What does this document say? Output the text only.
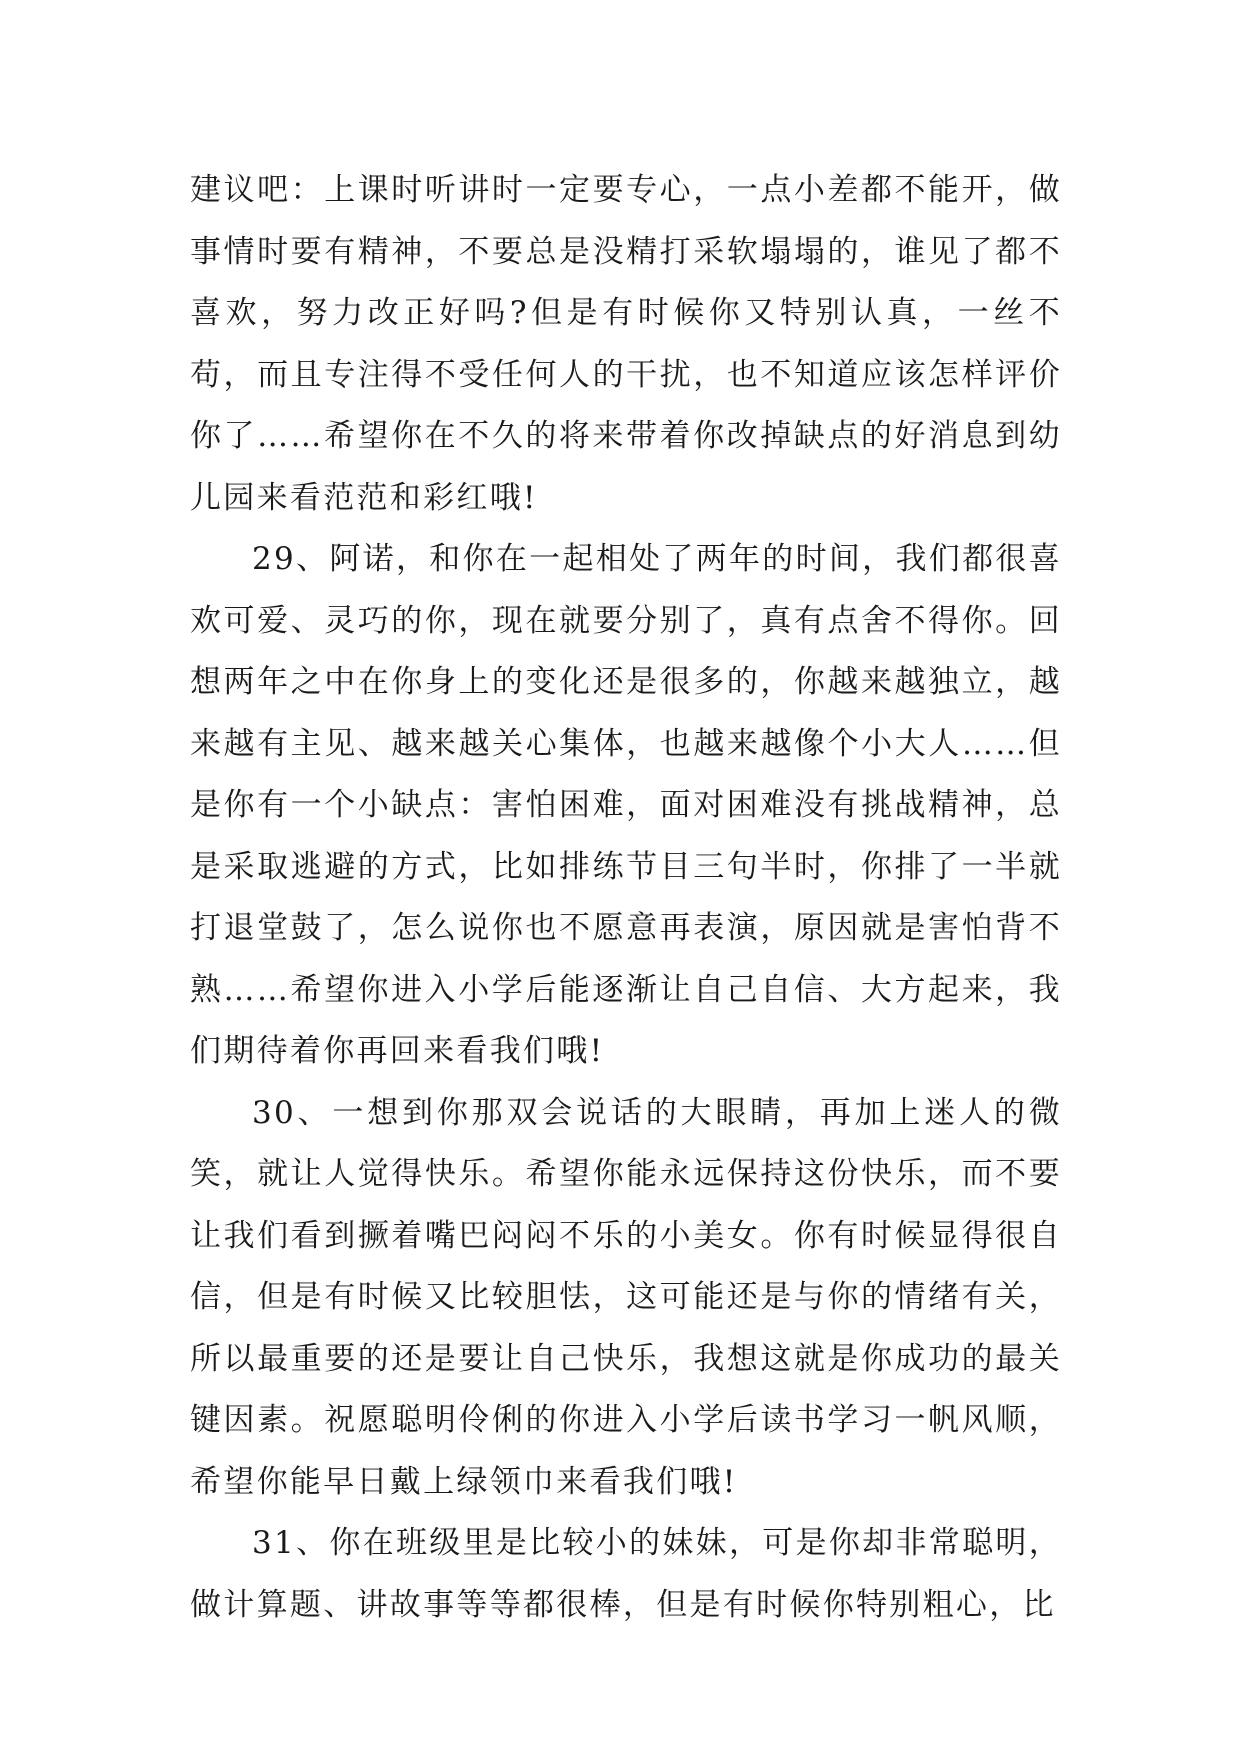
建议吧：上课时听讲时一定要专心，一点小差都不能开，做事情时要有精神，不要总是没精打采软塌塌的，谁见了都不喜欢，努力改正好吗?但是有时候你又特别认真，一丝不苟，而且专注得不受任何人的干扰，也不知道应该怎样评价你了……希望你在不久的将来带着你改掉缺点的好消息到幼儿园来看范范和彩红哦!

29、阿诺，和你在一起相处了两年的时间，我们都很喜欢可爱、灵巧的你，现在就要分别了，真有点舍不得你。回想两年之中在你身上的变化还是很多的，你越来越独立，越来越有主见、越来越关心集体，也越来越像个小大人……但是你有一个小缺点：害怕困难，面对困难没有挑战精神，总是采取逃避的方式，比如排练节目三句半时，你排了一半就打退堂鼓了，怎么说你也不愿意再表演，原因就是害怕背不熟……希望你进入小学后能逐渐让自己自信、大方起来，我们期待着你再回来看我们哦!

30、一想到你那双会说话的大眼睛，再加上迷人的微笑，就让人觉得快乐。希望你能永远保持这份快乐，而不要让我们看到撅着嘴巴闷闷不乐的小美女。你有时候显得很自信，但是有时候又比较胆怯，这可能还是与你的情绪有关，所以最重要的还是要让自己快乐，我想这就是你成功的最关键因素。祝愿聪明伶俐的你进入小学后读书学习一帆风顺，希望你能早日戴上绿领巾来看我们哦!

31、你在班级里是比较小的妹妹，可是你却非常聪明，做计算题、讲故事等等都很棒，但是有时候你特别粗心，比
